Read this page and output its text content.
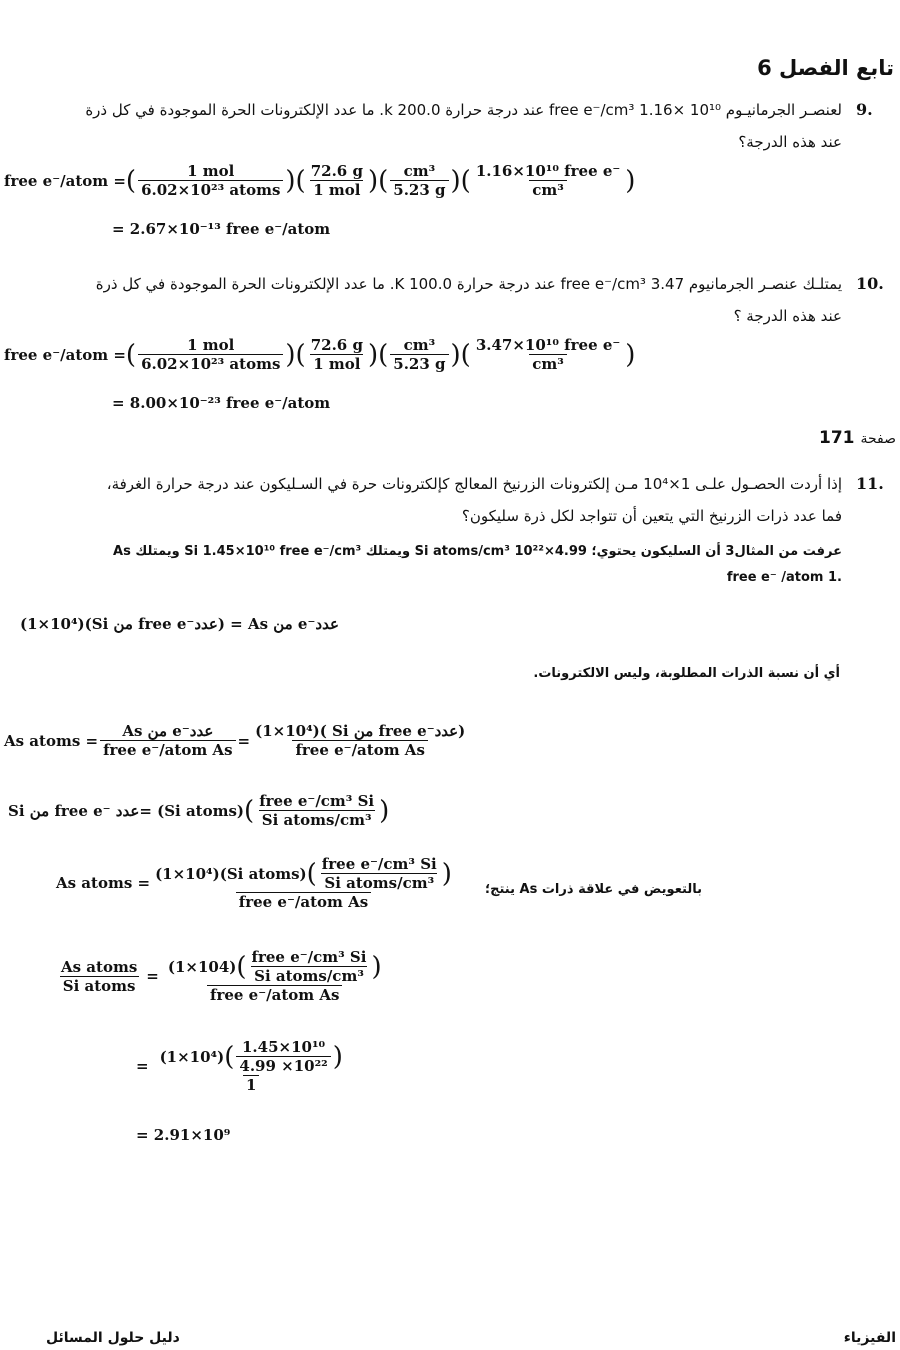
تابع الفصل 6
9.
لعنصـر الجرمانيـوم free e⁻/cm³ 1.16× 10¹⁰ عند درجة حرارة 200.0 k. ما عدد الإلكترونات الحرة الموجودة في كل ذرة
عند هذه الدرجة؟
free e⁻/atom = ( $\frac{\text{1 mol}}{\text{6.02×10²³ atoms}}$ ) ( $\frac{72.6 g}{\text{1 mol}}$ ) ( $\frac{\text{cm³}}{5.23 g}$ ) ( $\frac{\text{1.16×10¹⁰ free e⁻}}{\text{cm³}}$ )
= 2.67×10⁻¹³ free e⁻/atom
10.
يمتلـك عنصـر الجرمانيوم free e⁻/cm³ 3.47 عند درجة حرارة 100.0 K. ما عدد الإلكترونات الحرة الموجودة في كل ذرة
عند هذه الدرجة ؟
free e⁻/atom = ( $\frac{\text{1 mol}}{\text{6.02×10²³ atoms}}$ ) ( $\frac{72.6 g}{\text{1 mol}}$ ) ( $\frac{\text{cm³}}{5.23 g}$ ) ( $\frac{\text{3.47×10¹⁰ free e⁻}}{\text{cm³}}$ )
= 8.00×10⁻²³ free e⁻/atom
صفحة
171
11.
إذا أردت الحصـول علـى 1×10⁴ مـن إلكترونات الزرنيخ المعالج كإلكترونات حرة في السـليكون عند درجة حرارة الغرفة،
فما عدد ذرات الزرنيخ التي يتعين أن تتواجد لكل ذرة سليكون؟
عرفت من المثال3 أن السليكون يحتوي؛ 4.99×10²² Si atoms/cm³ ويمتلك Si 1.45×10¹⁰ free e⁻/cm³ ويمتلك As
.1 free e⁻ /atom
(1×10⁴)(Si من free e⁻عدد) = As من e⁻عدد
أي أن نسبة الذرات المطلوبة، وليس الالكترونات.
As atoms = $\frac{\text{As من e⁻عدد}}{\text{free e⁻/atom As}} = \frac{\text{(1×10⁴)( Si من free e⁻عدد)}}{\text{free e⁻/atom As}}$
Si من free e⁻ عدد= (Si atoms) ( $\frac{\text{free e⁻/cm³ Si}}{\text{Si atoms/cm³}}$ )
As atoms = $\frac{(1\times 10^4)(Si atoms) ( \frac{\text{free e⁻/cm³ Si}}{\text{Si atoms/cm³}} )}{\text{free e⁻/atom As}}$ بالتعويض في علاقة ذرات As ينتج؛
$\frac{\text{As atoms}}{\text{Si atoms}} = \frac{(1\times 104) ( \frac{\text{free e⁻/cm³ Si}}{\text{Si atoms/cm³}} )}{\text{free e⁻/atom As}}$
= $\frac{(1\times 10^4) ( \frac{\text{1.45×10¹⁰}}{\text{4.99 ×10²²}} )}{1}$
= 2.91×10⁹
الفيزياء
دليل حلول المسائل
